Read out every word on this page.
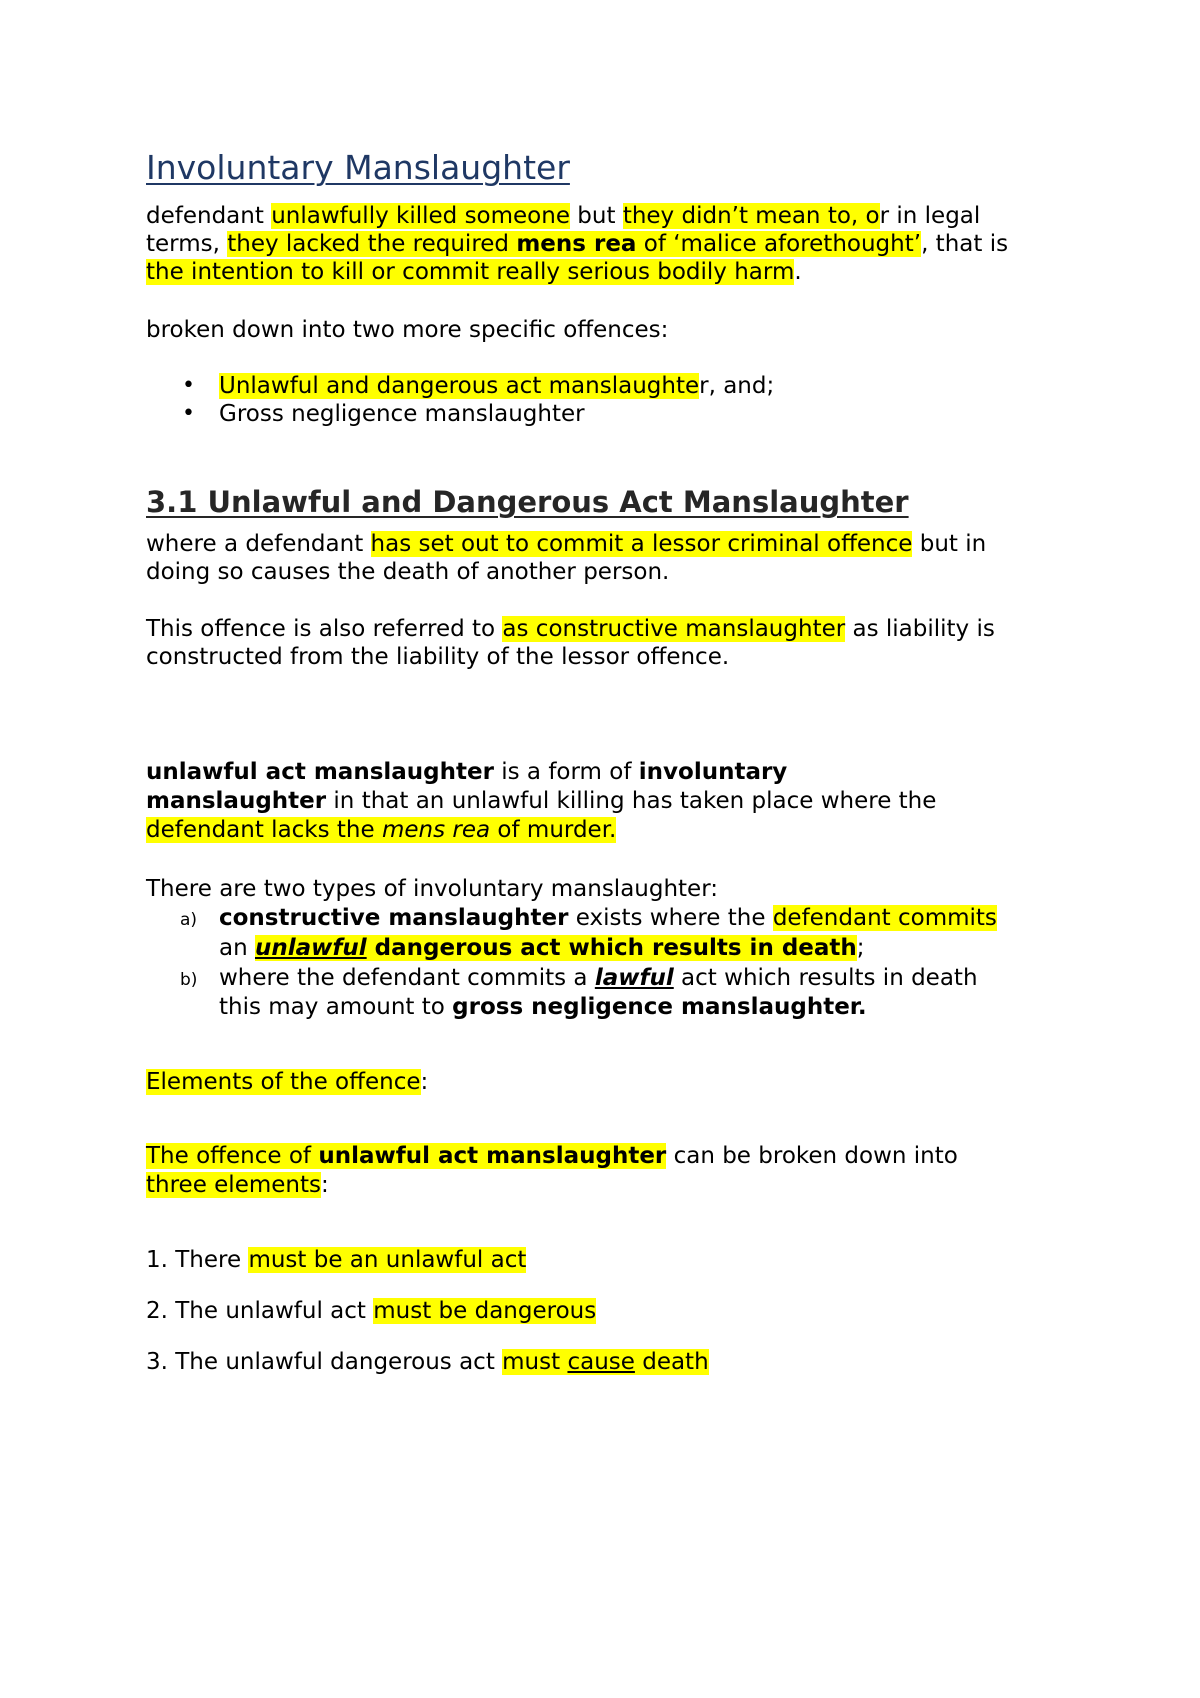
Involuntary Manslaughter
defendant unlawfully killed someone but they didn’t mean to, or in legal
terms, they lacked the required mens rea of ‘malice aforethought’, that is
the intention to kill or commit really serious bodily harm.
broken down into two more specific offences:
• Unlawful and dangerous act manslaughter, and;
• Gross negligence manslaughter
3.1 Unlawful and Dangerous Act Manslaughter
where a defendant has set out to commit a lessor criminal offence but in
doing so causes the death of another person.
This offence is also referred to as constructive manslaughter as liability is
constructed from the liability of the lessor offence.
unlawful act manslaughter is a form of involuntary
manslaughter in that an unlawful killing has taken place where the
defendant lacks the mens rea of murder.
There are two types of involuntary manslaughter:
a) constructive manslaughter exists where the defendant commits
an unlawful dangerous act which results in death;
b) where the defendant commits a lawful act which results in death
this may amount to gross negligence manslaughter.
Elements of the offence:
The offence of unlawful act manslaughter can be broken down into
three elements:
1. There must be an unlawful act
2. The unlawful act must be dangerous
3. The unlawful dangerous act must cause death
